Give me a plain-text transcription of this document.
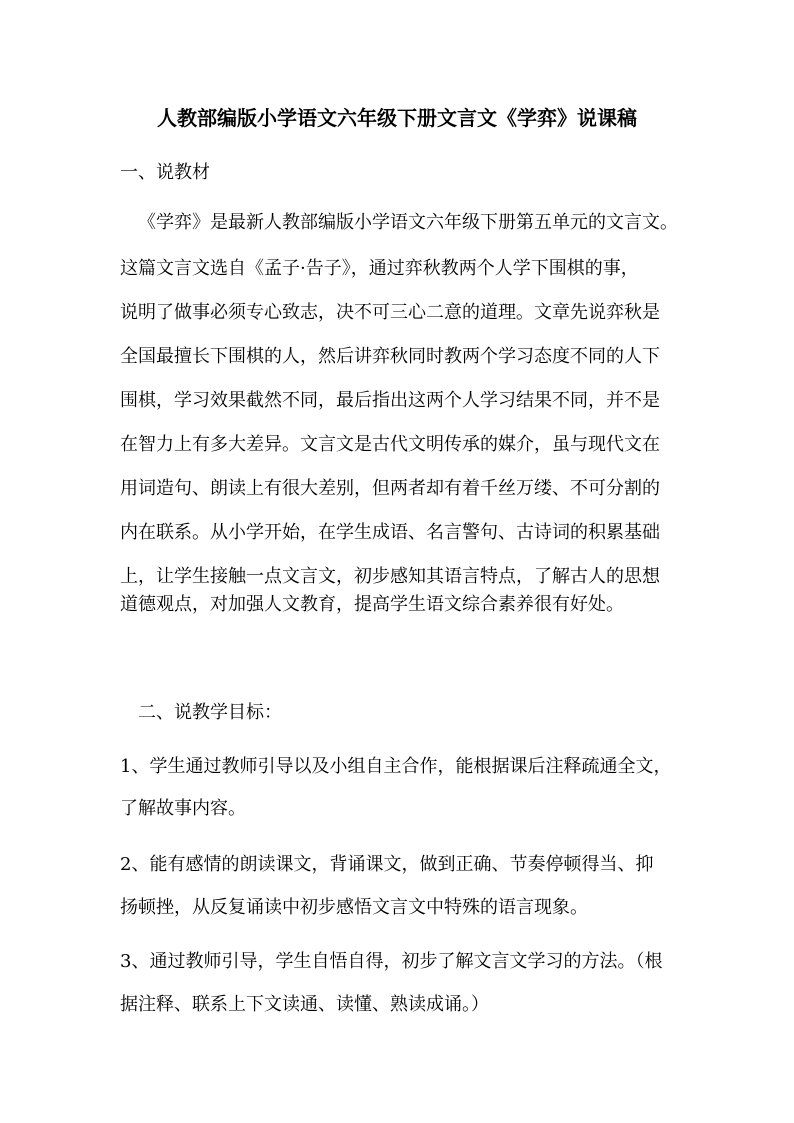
人教部编版小学语文六年级下册文言文《学弈》说课稿
一、说教材
《学弈》是最新人教部编版小学语文六年级下册第五单元的文言文。
这篇文言文选自《孟子·告子》，通过弈秋教两个人学下围棋的事，
说明了做事必须专心致志，决不可三心二意的道理。文章先说弈秋是
全国最擅长下围棋的人，然后讲弈秋同时教两个学习态度不同的人下
围棋，学习效果截然不同，最后指出这两个人学习结果不同，并不是
在智力上有多大差异。文言文是古代文明传承的媒介，虽与现代文在
用词造句、朗读上有很大差别，但两者却有着千丝万缕、不可分割的
内在联系。从小学开始，在学生成语、名言警句、古诗词的积累基础
上，让学生接触一点文言文，初步感知其语言特点，了解古人的思想
道德观点，对加强人文教育，提高学生语文综合素养很有好处。
二、说教学目标：
1、学生通过教师引导以及小组自主合作，能根据课后注释疏通全文，
了解故事内容。
2、能有感情的朗读课文，背诵课文，做到正确、节奏停顿得当、抑
扬顿挫，从反复诵读中初步感悟文言文中特殊的语言现象。
3、通过教师引导，学生自悟自得，初步了解文言文学习的方法。（根
据注释、联系上下文读通、读懂、熟读成诵。）
